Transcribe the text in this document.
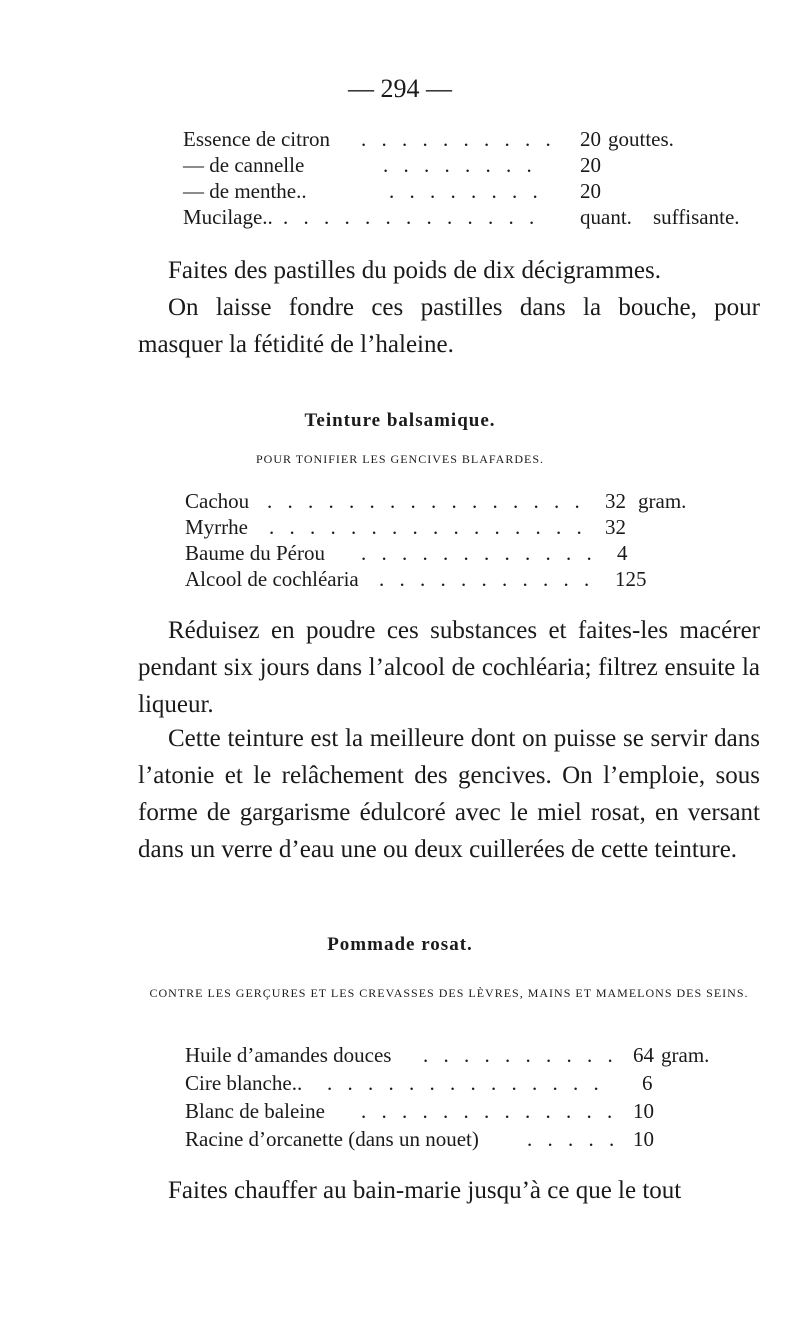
— 294 —
Essence de citron . . . . . . . . . .	20 gouttes.
— de cannelle	. . . . . . . .	20
— de menthe..	. . . . . . . .	20
Mucilage.. . . . . . . . . . . . . .	quant. suffisante.
Faites des pastilles du poids de dix décigrammes.
On laisse fondre ces pastilles dans la bouche, pour masquer la fétidité de l’haleine.
Teinture balsamique.
POUR TONIFIER LES GENCIVES BLAFARDES.
Cachou . . . . . . . . . . . . . . . . 32 gram.
Myrrhe . . . . . . . . . . . . . . . . 32
Baume du Pérou . . . . . . . . . . . . 4
Alcool de cochléaria . . . . . . . . . . . 125
Réduisez en poudre ces substances et faites-les macérer pendant six jours dans l’alcool de cochléaria; filtrez ensuite la liqueur.
Cette teinture est la meilleure dont on puisse se servir dans l’atonie et le relâchement des gencives. On l’emploie, sous forme de gargarisme édulcoré avec le miel rosat, en versant dans un verre d’eau une ou deux cuillerées de cette teinture.
Pommade rosat.
CONTRE LES GERÇURES ET LES CREVASSES DES LÈVRES, MAINS ET MAMELONS DES SEINS.
Huile d’amandes douces . . . . . . . . . . 64 gram.
Cire blanche.. . . . . . . . . . . . . . .	6
Blanc de baleine . . . . . . . . . . . . . 10
Racine d’orcanette (dans un nouet) . . . . . 10
Faites chauffer au bain-marie jusqu’à ce que le tout
